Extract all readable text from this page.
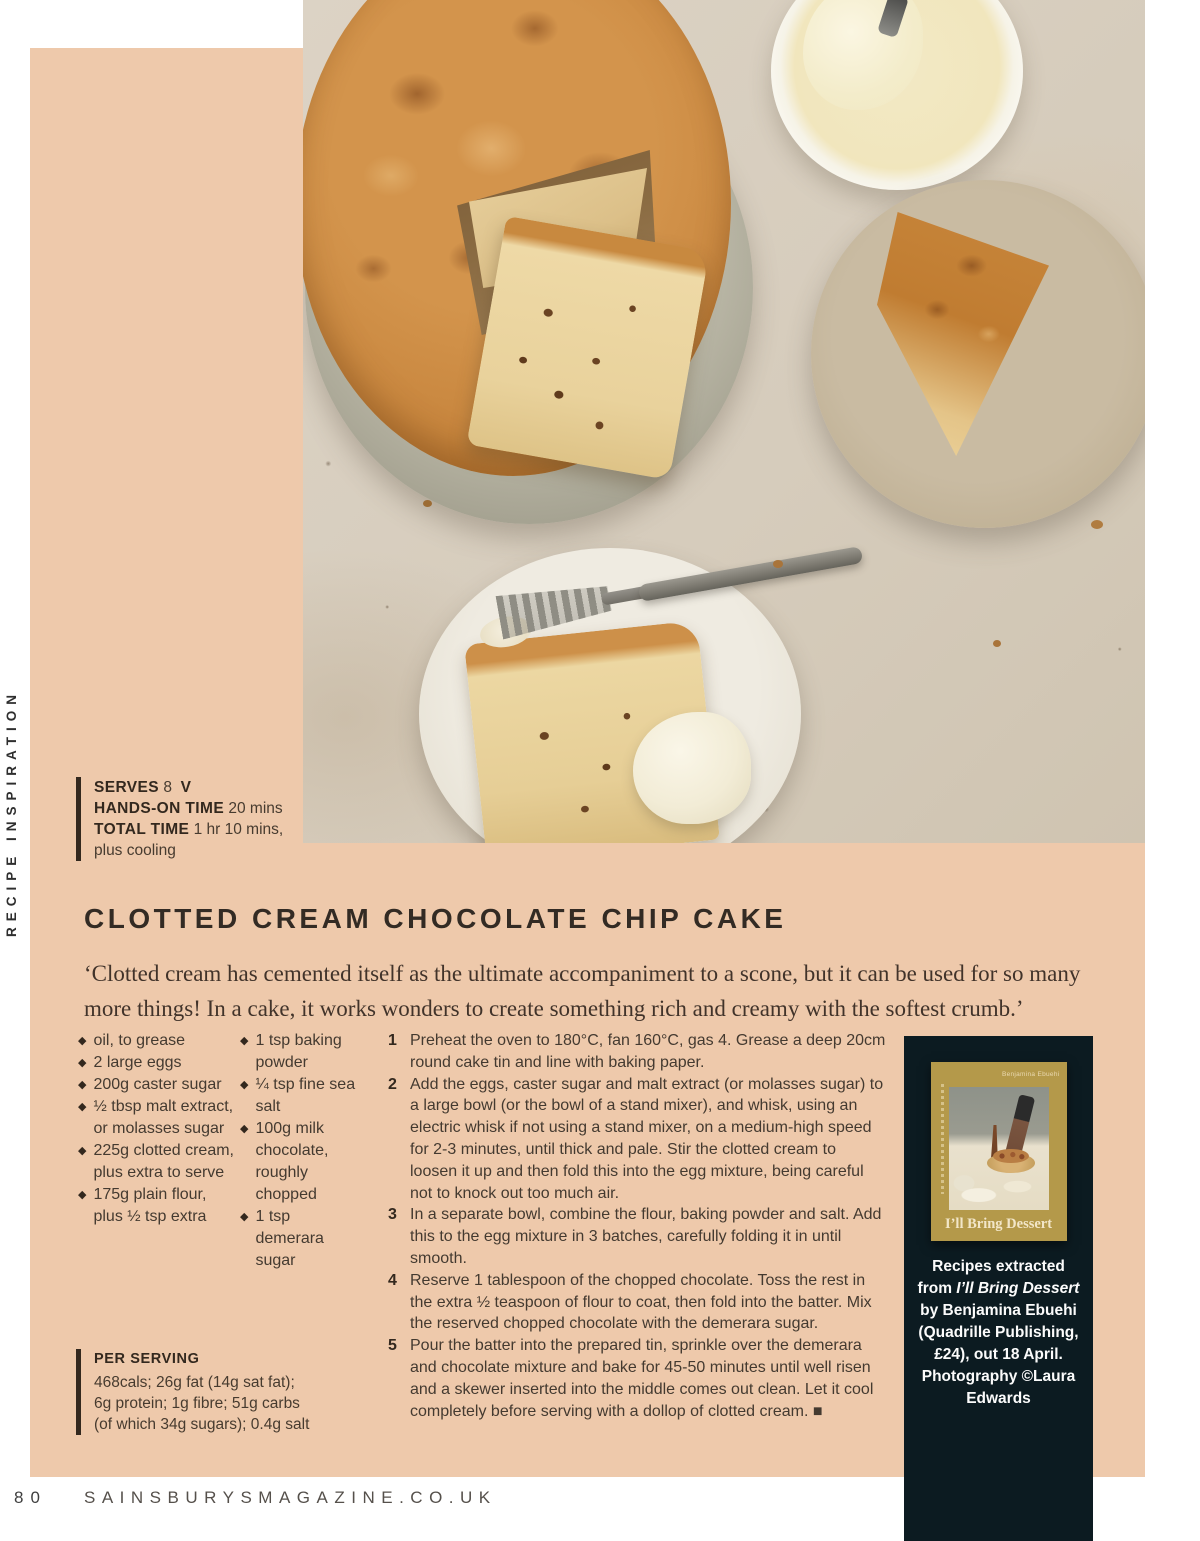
RECIPE INSPIRATION	SERVES 8 V
HANDS-ON TIME 20 mins
TOTAL TIME 1 hr 10 mins, plus cooling
CLOTTED CREAM CHOCOLATE CHIP CAKE

‘Clotted cream has cemented itself as the ultimate accompaniment to a scone, but it can be used for so many more things! In a cake, it works wonders to create something rich and creamy with the softest crumb.’

◆ oil, to grease
◆ 2 large eggs
◆ 200g caster sugar
◆ ½ tbsp malt extract, or molasses sugar
◆ 225g clotted cream, plus extra to serve
◆ 175g plain flour, plus ½ tsp extra
◆ 1 tsp baking powder
◆ ¼ tsp fine sea salt
◆ 100g milk chocolate, roughly chopped
◆ 1 tsp demerara sugar
1 Preheat the oven to 180°C, fan 160°C, gas 4. Grease a deep 20cm round cake tin and line with baking paper.
2 Add the eggs, caster sugar and malt extract (or molasses sugar) to a large bowl (or the bowl of a stand mixer), and whisk, using an electric whisk if not using a stand mixer, on a medium-high speed for 2-3 minutes, until thick and pale. Stir the clotted cream to loosen it up and then fold this into the egg mixture, being careful not to knock out too much air.
3 In a separate bowl, combine the flour, baking powder and salt. Add this to the egg mixture in 3 batches, carefully folding it in until smooth.
4 Reserve 1 tablespoon of the chopped chocolate. Toss the rest in the extra ½ teaspoon of flour to coat, then fold into the batter. Mix the reserved chopped chocolate with the demerara sugar.
5 Pour the batter into the prepared tin, sprinkle over the demerara and chocolate mixture and bake for 45-50 minutes until well risen and a skewer inserted into the middle comes out clean. Let it cool completely before serving with a dollop of clotted cream. ■
PER SERVING
468cals; 26g fat (14g sat fat); 6g protein; 1g fibre; 51g carbs (of which 34g sugars); 0.4g salt
Benjamina Ebuehi
I’ll Bring Dessert

Recipes extracted from I’ll Bring Dessert by Benjamina Ebuehi (Quadrille Publishing, £24), out 18 April. Photography ©Laura Edwards

80 SAINSBURYSMAGAZINE.CO.UK
